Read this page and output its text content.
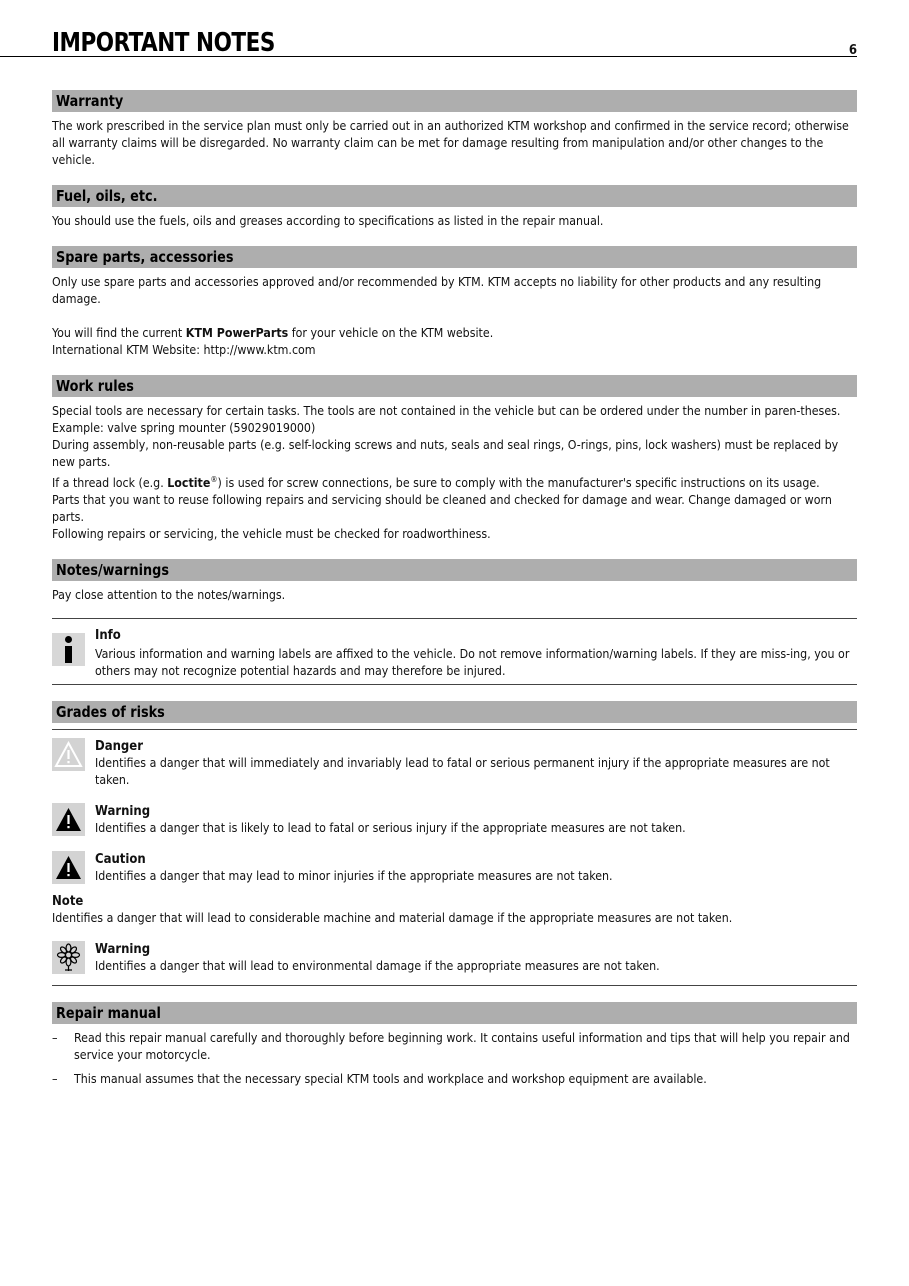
IMPORTANT NOTES	6
Warranty

The work prescribed in the service plan must only be carried out in an authorized KTM workshop and confirmed in the service record; otherwise all warranty claims will be disregarded. No warranty claim can be met for damage resulting from manipulation and/or other changes to the vehicle.

Fuel, oils, etc.

You should use the fuels, oils and greases according to specifications as listed in the repair manual.

Spare parts, accessories

Only use spare parts and accessories approved and/or recommended by KTM. KTM accepts no liability for other products and any resulting damage.

You will find the current KTM PowerParts for your vehicle on the KTM website.

International KTM Website: http://www.ktm.com

Work rules

Special tools are necessary for certain tasks. The tools are not contained in the vehicle but can be ordered under the number in paren-theses. Example: valve spring mounter (59029019000)

During assembly, non-reusable parts (e.g. self-locking screws and nuts, seals and seal rings, O-rings, pins, lock washers) must be replaced by new parts.

If a thread lock (e.g. Loctite®) is used for screw connections, be sure to comply with the manufacturer's specific instructions on its usage.

Parts that you want to reuse following repairs and servicing should be cleaned and checked for damage and wear. Change damaged or worn parts.

Following repairs or servicing, the vehicle must be checked for roadworthiness.

Notes/warnings

Pay close attention to the notes/warnings.

Info

Various information and warning labels are affixed to the vehicle. Do not remove information/warning labels. If they are miss-ing, you or others may not recognize potential hazards and may therefore be injured.

Grades of risks
Danger

Identifies a danger that will immediately and invariably lead to fatal or serious permanent injury if the appropriate measures are not taken.

Warning

Identifies a danger that is likely to lead to fatal or serious injury if the appropriate measures are not taken.

Caution

Identifies a danger that may lead to minor injuries if the appropriate measures are not taken.

Note

Identifies a danger that will lead to considerable machine and material damage if the appropriate measures are not taken.

Warning

Identifies a danger that will lead to environmental damage if the appropriate measures are not taken.

Repair manual
– Read this repair manual carefully and thoroughly before beginning work. It contains useful information and tips that will help you repair and service your motorcycle.
– This manual assumes that the necessary special KTM tools and workplace and workshop equipment are available.
